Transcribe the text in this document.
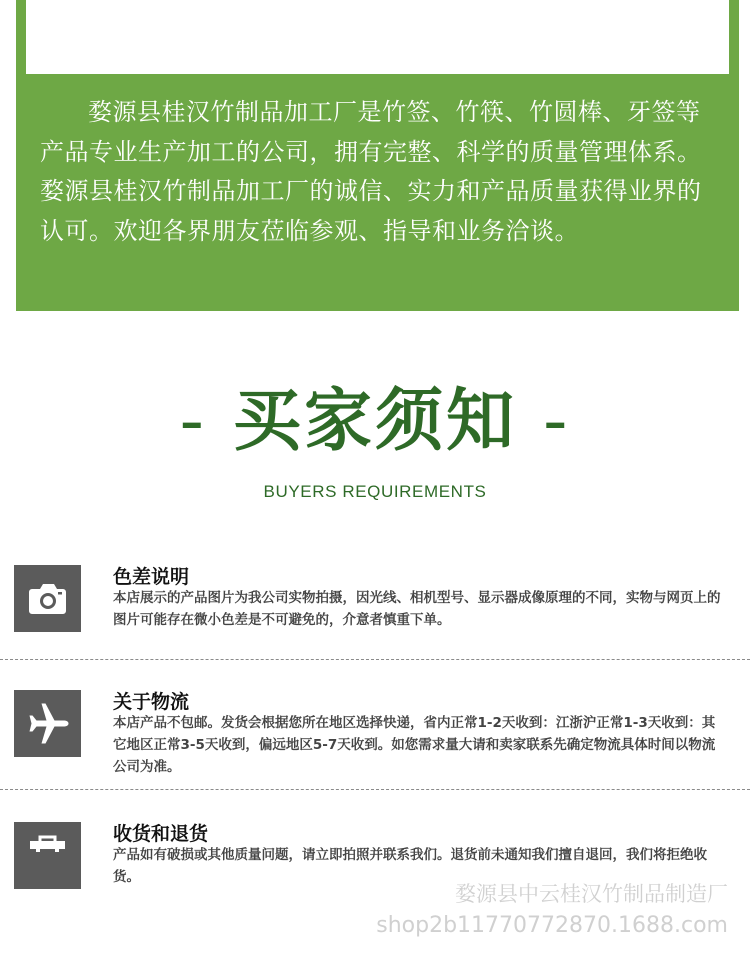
婺源县桂汉竹制品加工厂是竹签、竹筷、竹圆棒、牙签等产品专业生产加工的公司，拥有完整、科学的质量管理体系。婺源县桂汉竹制品加工厂的诚信、实力和产品质量获得业界的认可。欢迎各界朋友莅临参观、指导和业务洽谈。

- 买家须知 -
BUYERS REQUIREMENTS
色差说明

本店展示的产品图片为我公司实物拍摄，因光线、相机型号、显示器成像原理的不同，实物与网页上的图片可能存在微小色差是不可避免的，介意者慎重下单。

关于物流

本店产品不包邮。发货会根据您所在地区选择快递，省内正常1-2天收到：江浙沪正常1-3天收到：其它地区正常3-5天收到，偏远地区5-7天收到。如您需求量大请和卖家联系先确定物流具体时间以物流公司为准。

收货和退货

产品如有破损或其他质量问题，请立即拍照并联系我们。退货前未通知我们擅自退回，我们将拒绝收货。

婺源县中云桂汉竹制品制造厂
shop2b11770772870.1688.com
